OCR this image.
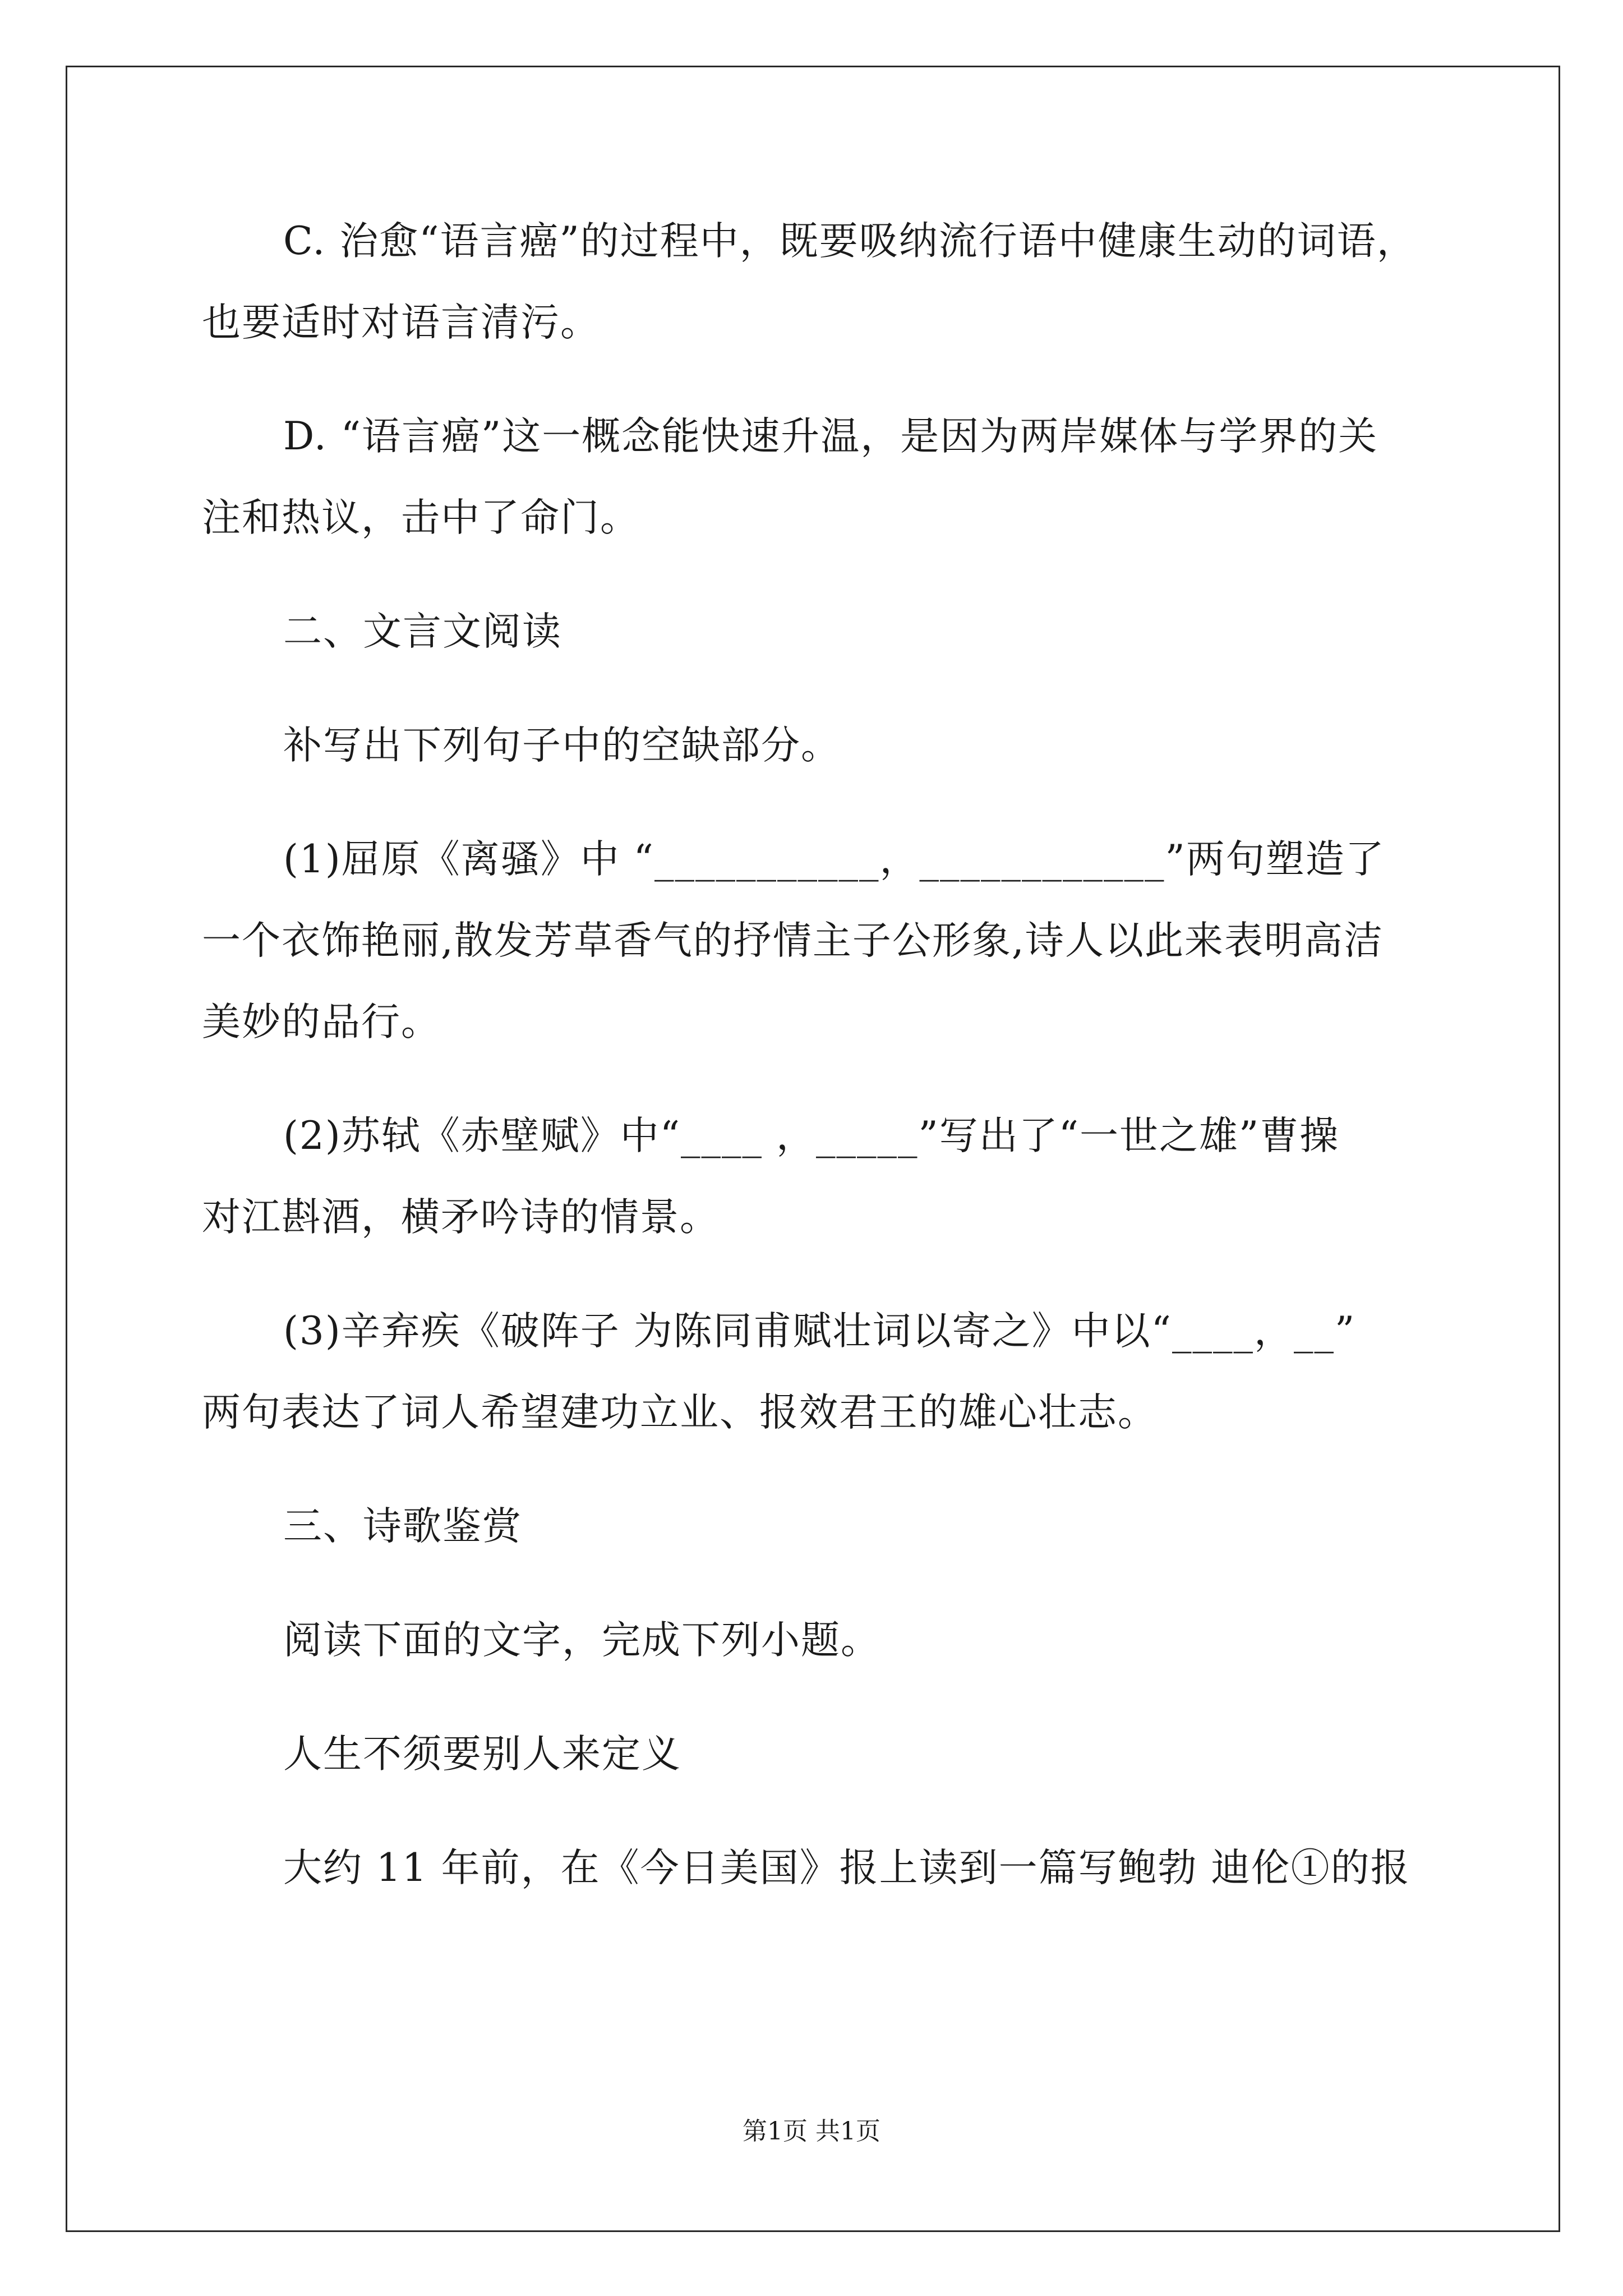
C. 治愈“语言癌”的过程中，既要吸纳流行语中健康生动的词语，
也要适时对语言清污。
D. “语言癌”这一概念能快速升温，是因为两岸媒体与学界的关
注和热议，击中了命门。
二、文言文阅读
补写出下列句子中的空缺部分。
(1)屈原《离骚》中 “___________，____________”两句塑造了
一个衣饰艳丽,散发芳草香气的抒情主子公形象,诗人以此来表明高洁
美妙的品行。
(2)苏轼《赤壁赋》中“____ ，_____”写出了“一世之雄”曹操
对江斟酒，横矛吟诗的情景。
(3)辛弃疾《破阵子 为陈同甫赋壮词以寄之》中以“____，__”
两句表达了词人希望建功立业、报效君王的雄心壮志。
三、诗歌鉴赏
阅读下面的文字，完成下列小题。
人生不须要别人来定义
大约 11 年前，在《今日美国》报上读到一篇写鲍勃 迪伦①的报
第1页 共1页
